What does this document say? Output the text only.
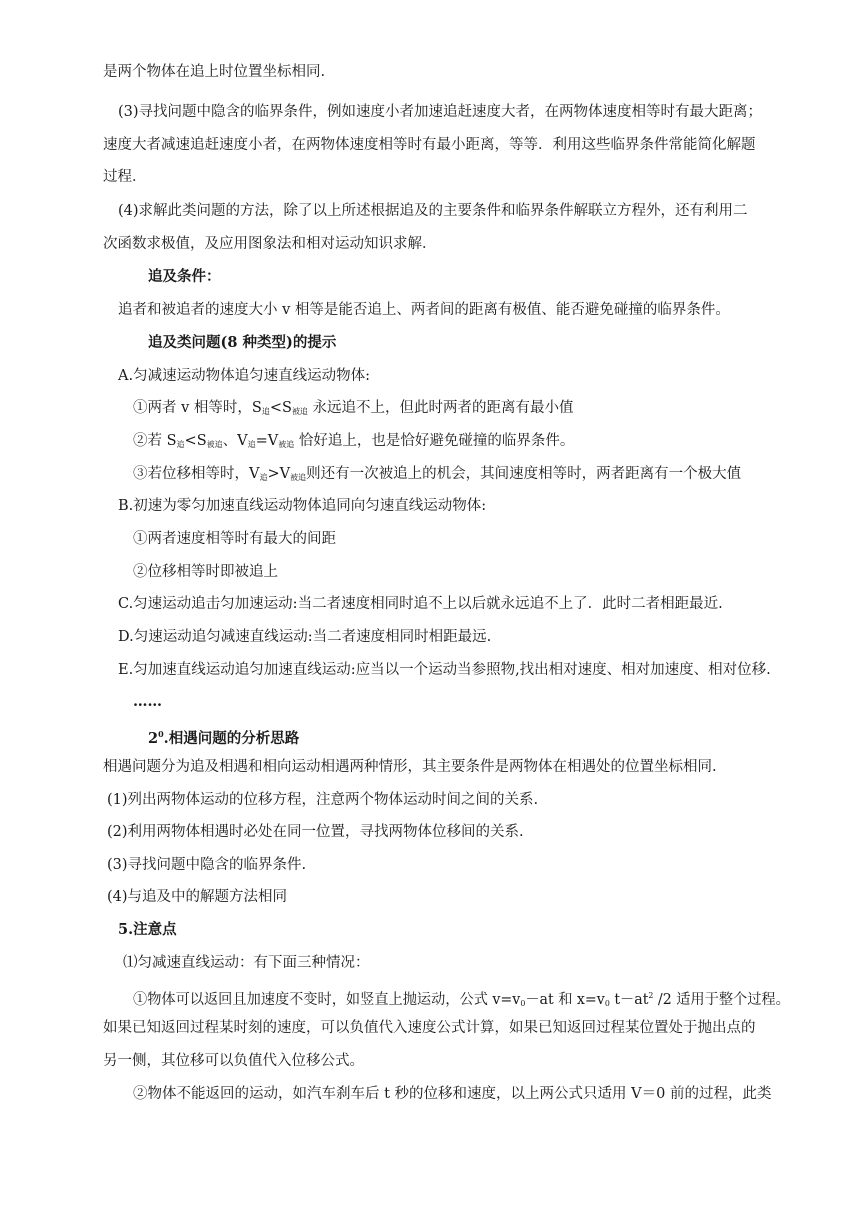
是两个物体在追上时位置坐标相同.
(3)寻找问题中隐含的临界条件，例如速度小者加速追赶速度大者，在两物体速度相等时有最大距离；
速度大者减速追赶速度小者，在两物体速度相等时有最小距离，等等．利用这些临界条件常能简化解题
过程．
(4)求解此类问题的方法，除了以上所述根据追及的主要条件和临界条件解联立方程外，还有利用二
次函数求极值，及应用图象法和相对运动知识求解．
追及条件：
追者和被追者的速度大小 v 相等是能否追上、两者间的距离有极值、能否避免碰撞的临界条件。
追及类问题(8 种类型)的提示
A.匀减速运动物体追匀速直线运动物体:
①两者 v 相等时，$S_追<S_{被追}$ 永远追不上，但此时两者的距离有最小值
②若 $S_追<S_{被追}$、$V_追=V_{被追}$ 恰好追上，也是恰好避免碰撞的临界条件。
③若位移相等时，$V_追>V_{被追}$则还有一次被追上的机会，其间速度相等时，两者距离有一个极大值
B.初速为零匀加速直线运动物体追同向匀速直线运动物体:
①两者速度相等时有最大的间距
②位移相等时即被追上
C.匀速运动追击匀加速运动:当二者速度相同时追不上以后就永远追不上了．此时二者相距最近.
D.匀速运动追匀减速直线运动:当二者速度相同时相距最远.
E.匀加速直线运动追匀加速直线运动:应当以一个运动当参照物,找出相对速度、相对加速度、相对位移.
……
$2^0$.相遇问题的分析思路
相遇问题分为追及相遇和相向运动相遇两种情形，其主要条件是两物体在相遇处的位置坐标相同.
(1)列出两物体运动的位移方程，注意两个物体运动时间之间的关系.
(2)利用两物体相遇时必处在同一位置，寻找两物体位移间的关系.
(3)寻找问题中隐含的临界条件.
(4)与追及中的解题方法相同
5.注意点
⑴匀减速直线运动：有下面三种情况：
①物体可以返回且加速度不变时，如竖直上抛运动，公式 $v=v_0-at$ 和 $x=v_0$ $t-at^2$ /2 适用于整个过程。
如果已知返回过程某时刻的速度，可以负值代入速度公式计算，如果已知返回过程某位置处于抛出点的
另一侧，其位移可以负值代入位移公式。
②物体不能返回的运动，如汽车刹车后 t 秒的位移和速度，以上两公式只适用 V＝0 前的过程，此类
